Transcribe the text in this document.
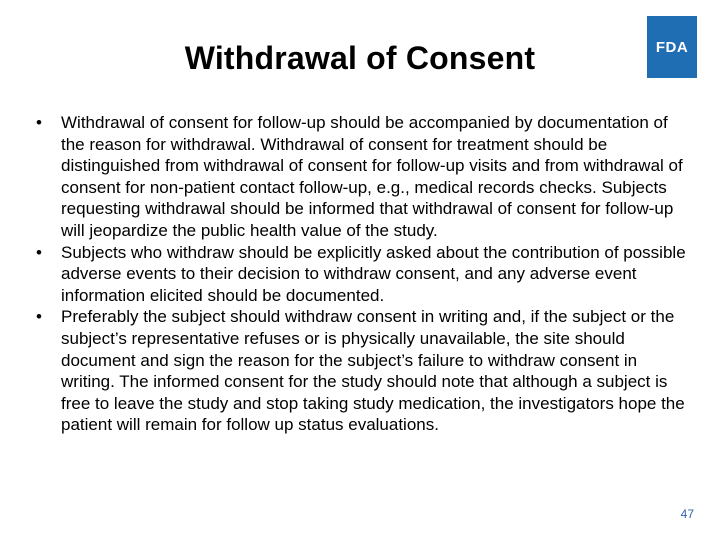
Withdrawal of Consent	FDA
• Withdrawal of consent for follow-up should be accompanied by documentation of the reason for withdrawal. Withdrawal of consent for treatment should be distinguished from withdrawal of consent for follow-up visits and from withdrawal of consent for non-patient contact follow-up, e.g., medical records checks. Subjects requesting withdrawal should be informed that withdrawal of consent for follow-up will jeopardize the public health value of the study.
• Subjects who withdraw should be explicitly asked about the contribution of possible adverse events to their decision to withdraw consent, and any adverse event information elicited should be documented.
• Preferably the subject should withdraw consent in writing and, if the subject or the subject’s representative refuses or is physically unavailable, the site should document and sign the reason for the subject’s failure to withdraw consent in writing. The informed consent for the study should note that although a subject is free to leave the study and stop taking study medication, the investigators hope the patient will remain for follow up status evaluations.
47
